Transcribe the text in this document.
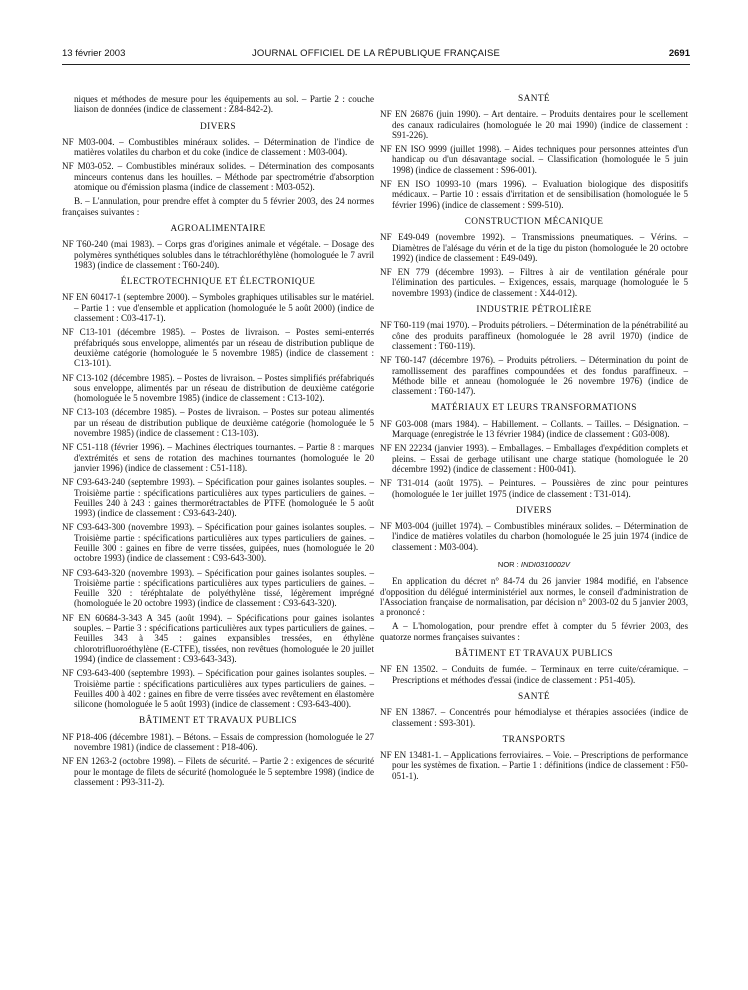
13 février 2003	JOURNAL OFFICIEL DE LA RÉPUBLIQUE FRANÇAISE	2691

niques et méthodes de mesure pour les équipements au sol. – Partie 2 : couche liaison de données (indice de classement : Z84-842-2).

DIVERS

NF M03-004. – Combustibles minéraux solides. – Détermination de l'indice de matières volatiles du charbon et du coke (indice de classement : M03-004).

NF M03-052. – Combustibles minéraux solides. – Détermination des composants minceurs contenus dans les houilles. – Méthode par spectrométrie d'absorption atomique ou d'émission plasma (indice de classement : M03-052).

B. – L'annulation, pour prendre effet à compter du 5 février 2003, des 24 normes françaises suivantes :

AGROALIMENTAIRE

NF T60-240 (mai 1983). – Corps gras d'origines animale et végétale. – Dosage des polymères synthétiques solubles dans le tétrachloréthylène (homologuée le 7 avril 1983) (indice de classement : T60-240).

ÉLECTROTECHNIQUE ET ÉLECTRONIQUE

NF EN 60417-1 (septembre 2000). – Symboles graphiques utilisables sur le matériel. – Partie 1 : vue d'ensemble et application (homologuée le 5 août 2000) (indice de classement : C03-417-1).

NF C13-101 (décembre 1985). – Postes de livraison. – Postes semi-enterrés préfabriqués sous enveloppe, alimentés par un réseau de distribution publique de deuxième catégorie (homologuée le 5 novembre 1985) (indice de classement : C13-101).

NF C13-102 (décembre 1985). – Postes de livraison. – Postes simplifiés préfabriqués sous enveloppe, alimentés par un réseau de distribution de deuxième catégorie (homologuée le 5 novembre 1985) (indice de classement : C13-102).

NF C13-103 (décembre 1985). – Postes de livraison. – Postes sur poteau alimentés par un réseau de distribution publique de deuxième catégorie (homologuée le 5 novembre 1985) (indice de classement : C13-103).

NF C51-118 (février 1996). – Machines électriques tournantes. – Partie 8 : marques d'extrémités et sens de rotation des machines tournantes (homologuée le 20 janvier 1996) (indice de classement : C51-118).

NF C93-643-240 (septembre 1993). – Spécification pour gaines isolantes souples. – Troisième partie : spécifications particulières aux types particuliers de gaines. – Feuilles 240 à 243 : gaines thermorétractables de PTFE (homologuée le 5 août 1993) (indice de classement : C93-643-240).

NF C93-643-300 (novembre 1993). – Spécification pour gaines isolantes souples. – Troisième partie : spécifications particulières aux types particuliers de gaines. – Feuille 300 : gaines en fibre de verre tissées, guipées, nues (homologuée le 20 octobre 1993) (indice de classement : C93-643-300).

NF C93-643-320 (novembre 1993). – Spécification pour gaines isolantes souples. – Troisième partie : spécifications particulières aux types particuliers de gaines. – Feuille 320 : téréphtalate de polyéthylène tissé, légèrement imprégné (homologuée le 20 octobre 1993) (indice de classement : C93-643-320).

NF EN 60684-3-343 A 345 (août 1994). – Spécifications pour gaines isolantes souples. – Partie 3 : spécifications particulières aux types particuliers de gaines. – Feuilles 343 à 345 : gaines expansibles tressées, en éthylène chlorotrifluoroéthylène (E-CTFE), tissées, non revêtues (homologuée le 20 juillet 1994) (indice de classement : C93-643-343).

NF C93-643-400 (septembre 1993). – Spécification pour gaines isolantes souples. – Troisième partie : spécifications particulières aux types particuliers de gaines. – Feuilles 400 à 402 : gaines en fibre de verre tissées avec revêtement en élastomère silicone (homologuée le 5 août 1993) (indice de classement : C93-643-400).

BÂTIMENT ET TRAVAUX PUBLICS

NF P18-406 (décembre 1981). – Bétons. – Essais de compression (homologuée le 27 novembre 1981) (indice de classement : P18-406).

NF EN 1263-2 (octobre 1998). – Filets de sécurité. – Partie 2 : exigences de sécurité pour le montage de filets de sécurité (homologuée le 5 septembre 1998) (indice de classement : P93-311-2).

SANTÉ

NF EN 26876 (juin 1990). – Art dentaire. – Produits dentaires pour le scellement des canaux radiculaires (homologuée le 20 mai 1990) (indice de classement : S91-226).

NF EN ISO 9999 (juillet 1998). – Aides techniques pour personnes atteintes d'un handicap ou d'un désavantage social. – Classification (homologuée le 5 juin 1998) (indice de classement : S96-001).

NF EN ISO 10993-10 (mars 1996). – Evaluation biologique des dispositifs médicaux. – Partie 10 : essais d'irritation et de sensibilisation (homologuée le 5 février 1996) (indice de classement : S99-510).

CONSTRUCTION MÉCANIQUE

NF E49-049 (novembre 1992). – Transmissions pneumatiques. – Vérins. – Diamètres de l'alésage du vérin et de la tige du piston (homologuée le 20 octobre 1992) (indice de classement : E49-049).

NF EN 779 (décembre 1993). – Filtres à air de ventilation générale pour l'élimination des particules. – Exigences, essais, marquage (homologuée le 5 novembre 1993) (indice de classement : X44-012).

INDUSTRIE PÉTROLIÈRE

NF T60-119 (mai 1970). – Produits pétroliers. – Détermination de la pénétrabilité au cône des produits paraffineux (homologuée le 28 avril 1970) (indice de classement : T60-119).

NF T60-147 (décembre 1976). – Produits pétroliers. – Détermination du point de ramollissement des paraffines compoundées et des fondus paraffineux. – Méthode bille et anneau (homologuée le 26 novembre 1976) (indice de classement : T60-147).

MATÉRIAUX ET LEURS TRANSFORMATIONS

NF G03-008 (mars 1984). – Habillement. – Collants. – Tailles. – Désignation. – Marquage (enregistrée le 13 février 1984) (indice de classement : G03-008).

NF EN 22234 (janvier 1993). – Emballages. – Emballages d'expédition complets et pleins. – Essai de gerbage utilisant une charge statique (homologuée le 20 décembre 1992) (indice de classement : H00-041).

NF T31-014 (août 1975). – Peintures. – Poussières de zinc pour peintures (homologuée le 1er juillet 1975 (indice de classement : T31-014).

DIVERS

NF M03-004 (juillet 1974). – Combustibles minéraux solides. – Détermination de l'indice de matières volatiles du charbon (homologuée le 25 juin 1974 (indice de classement : M03-004).

NOR : INDI0310002V

En application du décret n° 84-74 du 26 janvier 1984 modifié, en l'absence d'opposition du délégué interministériel aux normes, le conseil d'administration de l'Association française de normalisation, par décision n° 2003-02 du 5 janvier 2003, a prononcé :

A – L'homologation, pour prendre effet à compter du 5 février 2003, des quatorze normes françaises suivantes :

BÂTIMENT ET TRAVAUX PUBLICS

NF EN 13502. – Conduits de fumée. – Terminaux en terre cuite/céramique. – Prescriptions et méthodes d'essai (indice de classement : P51-405).

SANTÉ

NF EN 13867. – Concentrés pour hémodialyse et thérapies associées (indice de classement : S93-301).

TRANSPORTS

NF EN 13481-1. – Applications ferroviaires. – Voie. – Prescriptions de performance pour les systèmes de fixation. – Partie 1 : définitions (indice de classement : F50-051-1).
